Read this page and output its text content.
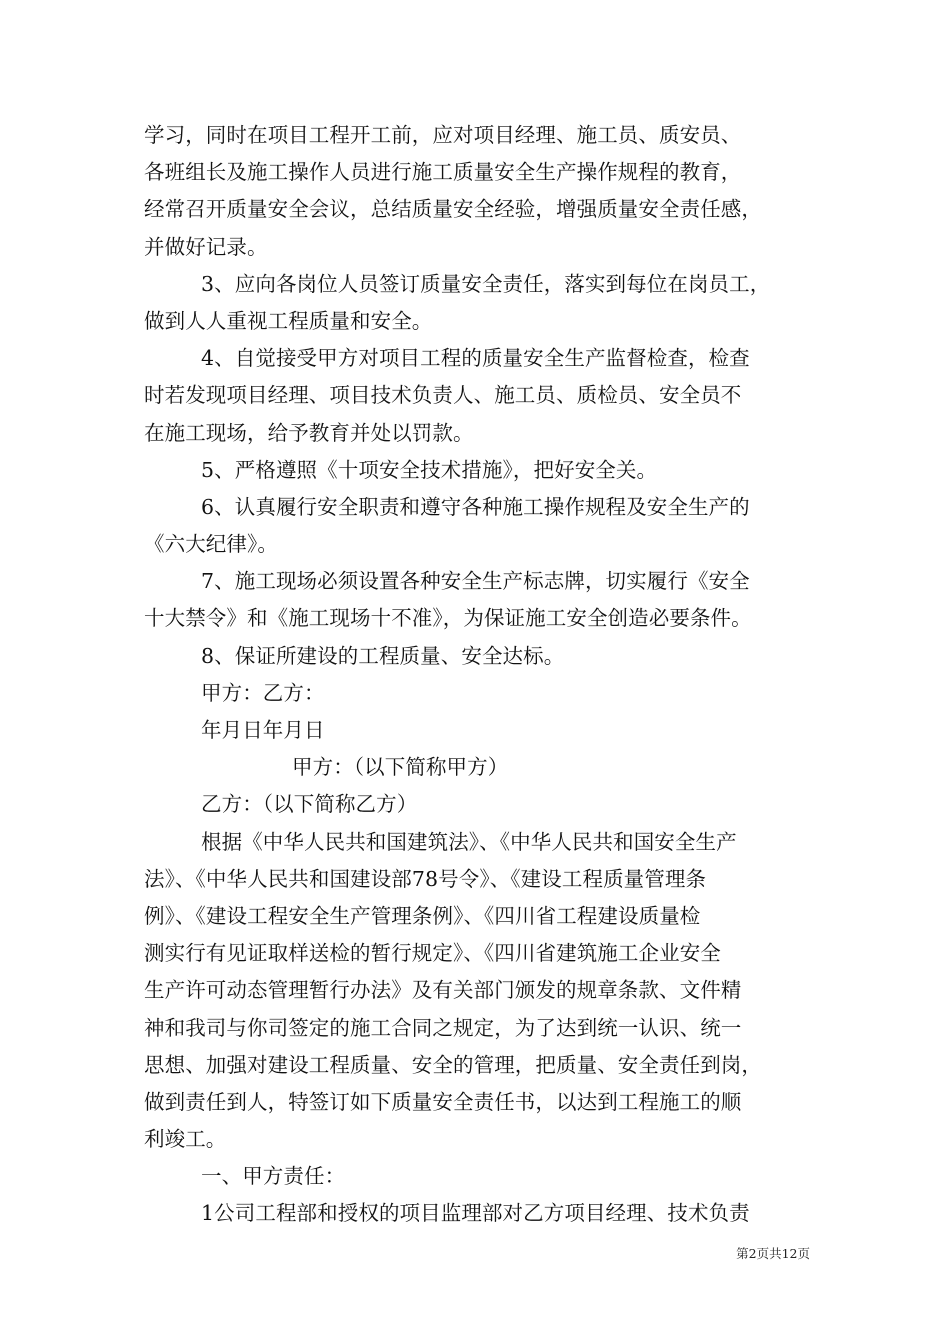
学习，同时在项目工程开工前，应对项目经理、施工员、质安员、
各班组长及施工操作人员进行施工质量安全生产操作规程的教育，
经常召开质量安全会议，总结质量安全经验，增强质量安全责任感，
并做好记录。
3、应向各岗位人员签订质量安全责任，落实到每位在岗员工，
做到人人重视工程质量和安全。
4、自觉接受甲方对项目工程的质量安全生产监督检查，检查
时若发现项目经理、项目技术负责人、施工员、质检员、安全员不
在施工现场，给予教育并处以罚款。
5、严格遵照《十项安全技术措施》，把好安全关。
6、认真履行安全职责和遵守各种施工操作规程及安全生产的
《六大纪律》。
7、施工现场必须设置各种安全生产标志牌，切实履行《安全
十大禁令》和《施工现场十不准》，为保证施工安全创造必要条件。
8、保证所建设的工程质量、安全达标。
甲方：乙方：
年月日年月日
甲方：（以下简称甲方）
乙方：（以下简称乙方）
根据《中华人民共和国建筑法》、《中华人民共和国安全生产
法》、《中华人民共和国建设部78号令》、《建设工程质量管理条
例》、《建设工程安全生产管理条例》、《四川省工程建设质量检
测实行有见证取样送检的暂行规定》、《四川省建筑施工企业安全
生产许可动态管理暂行办法》及有关部门颁发的规章条款、文件精
神和我司与你司签定的施工合同之规定，为了达到统一认识、统一
思想、加强对建设工程质量、安全的管理，把质量、安全责任到岗，
做到责任到人，特签订如下质量安全责任书，以达到工程施工的顺
利竣工。
一、甲方责任：
1公司工程部和授权的项目监理部对乙方项目经理、技术负责
第2页共12页
